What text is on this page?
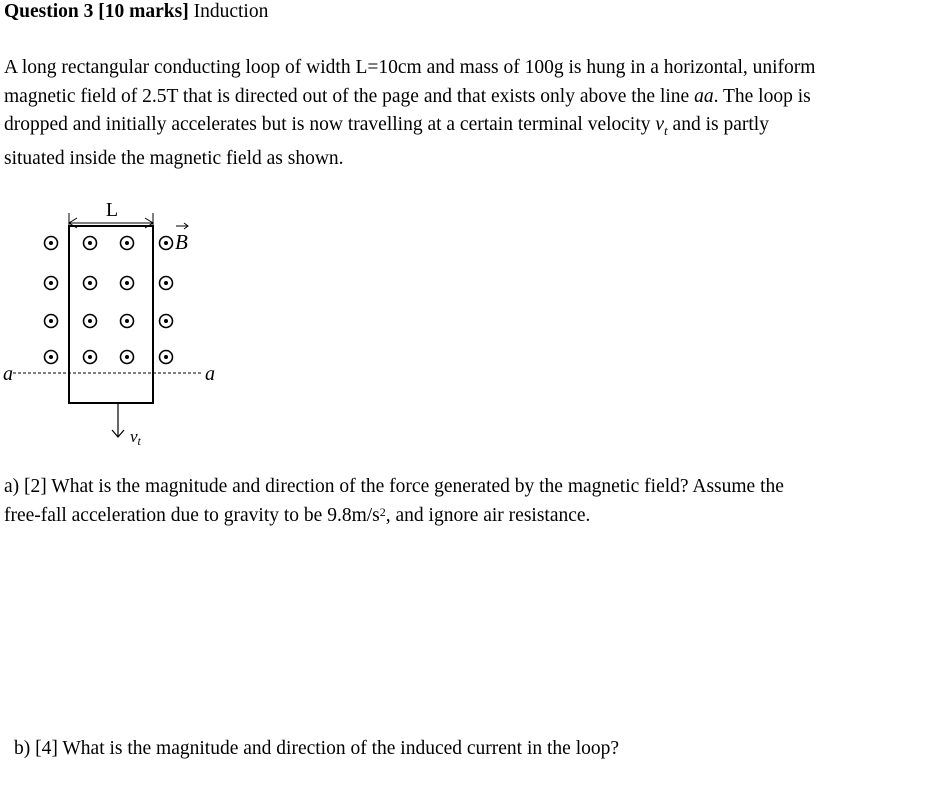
Question 3 [10 marks] Induction
A long rectangular conducting loop of width L=10cm and mass of 100g is hung in a horizontal, uniform
magnetic field of 2.5T that is directed out of the page and that exists only above the line aa. The loop is
dropped and initially accelerates but is now travelling at a certain terminal velocity $v_t$ and is partly
situated inside the magnetic field as shown.
L
a	a
B
vt
a) [2] What is the magnitude and direction of the force generated by the magnetic field? Assume the
free-fall acceleration due to gravity to be $9.8m/s^2$, and ignore air resistance.
b) [4] What is the magnitude and direction of the induced current in the loop?
